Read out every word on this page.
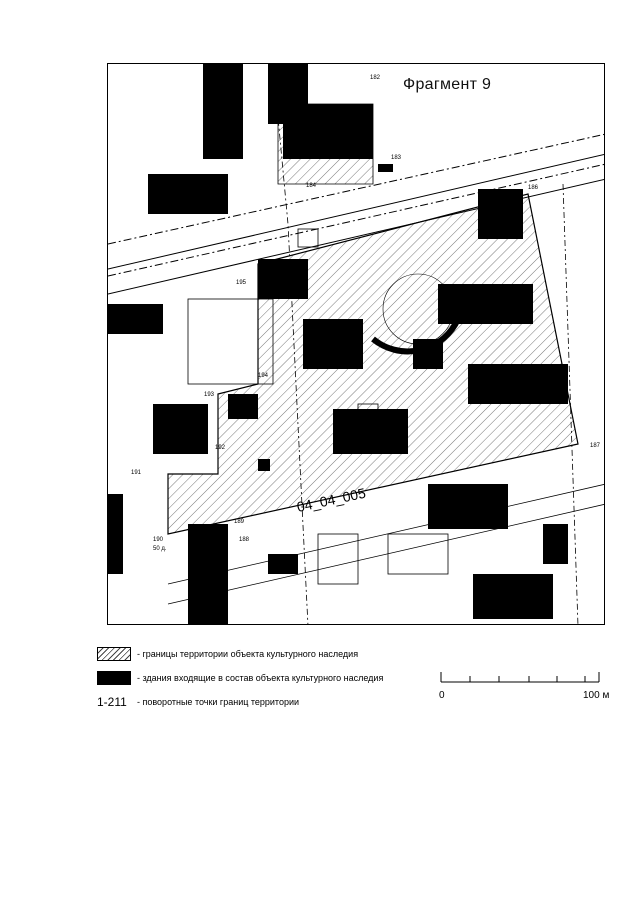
04_04_005
182
183
184	186
195
194
193
192
191
190
189
188
187
50 д.
Фрагмент 9
- границы территории объекта культурного наследия
- здания входящие в состав объекта культурного наследия
1-211	- поворотные точки границ территории
0	100 м
